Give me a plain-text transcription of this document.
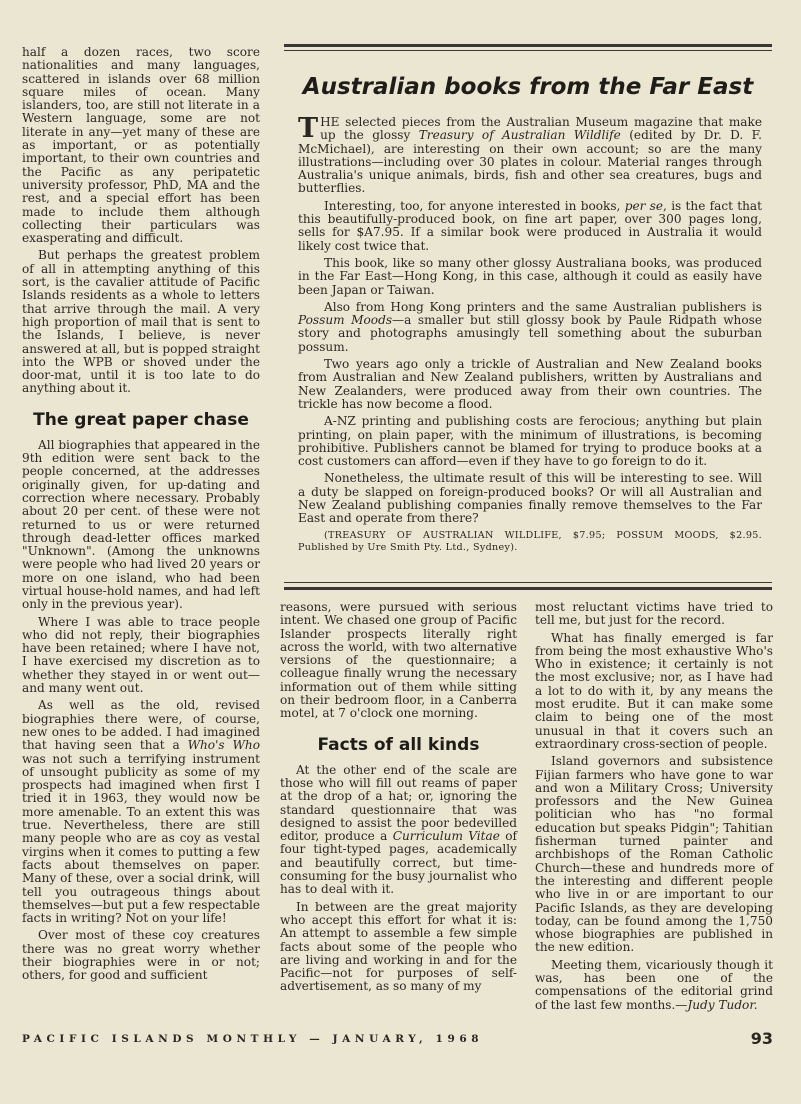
half a dozen races, two score nationalities and many languages, scattered in islands over 68 million square miles of ocean. Many islanders, too, are still not literate in a Western language, some are not literate in any—yet many of these are as important, or as potentially important, to their own countries and the Pacific as any peripatetic university professor, PhD, MA and the rest, and a special effort has been made to include them although collecting their particulars was exasperating and difficult.

But perhaps the greatest problem of all in attempting anything of this sort, is the cavalier attitude of Pacific Islands residents as a whole to letters that arrive through the mail. A very high proportion of mail that is sent to the Islands, I believe, is never answered at all, but is popped straight into the WPB or shoved under the door-mat, until it is too late to do anything about it.

The great paper chase

All biographies that appeared in the 9th edition were sent back to the people concerned, at the addresses originally given, for up-dating and correction where necessary. Probably about 20 per cent. of these were not returned to us or were returned through dead-letter offices marked "Unknown". (Among the unknowns were people who had lived 20 years or more on one island, who had been virtual house-hold names, and had left only in the previous year).

Where I was able to trace people who did not reply, their biographies have been retained; where I have not, I have exercised my discretion as to whether they stayed in or went out—and many went out.

As well as the old, revised biographies there were, of course, new ones to be added. I had imagined that having seen that a Who's Who was not such a terrifying instrument of unsought publicity as some of my prospects had imagined when first I tried it in 1963, they would now be more amenable. To an extent this was true. Nevertheless, there are still many people who are as coy as vestal virgins when it comes to putting a few facts about themselves on paper. Many of these, over a social drink, will tell you outrageous things about themselves—but put a few respectable facts in writing? Not on your life!

Over most of these coy creatures there was no great worry whether their biographies were in or not; others, for good and sufficient

Australian books from the Far East

THE selected pieces from the Australian Museum magazine that make up the glossy Treasury of Australian Wildlife (edited by Dr. D. F. McMichael), are interesting on their own account; so are the many illustrations—including over 30 plates in colour. Material ranges through Australia's unique animals, birds, fish and other sea creatures, bugs and butterflies.

Interesting, too, for anyone interested in books, per se, is the fact that this beautifully-produced book, on fine art paper, over 300 pages long, sells for $A7.95. If a similar book were produced in Australia it would likely cost twice that.

This book, like so many other glossy Australiana books, was produced in the Far East—Hong Kong, in this case, although it could as easily have been Japan or Taiwan.

Also from Hong Kong printers and the same Australian publishers is Possum Moods—a smaller but still glossy book by Paule Ridpath whose story and photographs amusingly tell something about the suburban possum.

Two years ago only a trickle of Australian and New Zealand books from Australian and New Zealand publishers, written by Australians and New Zealanders, were produced away from their own countries. The trickle has now become a flood.

A-NZ printing and publishing costs are ferocious; anything but plain printing, on plain paper, with the minimum of illustrations, is becoming prohibitive. Publishers cannot be blamed for trying to produce books at a cost customers can afford—even if they have to go foreign to do it.

Nonetheless, the ultimate result of this will be interesting to see. Will a duty be slapped on foreign-produced books? Or will all Australian and New Zealand publishing companies finally remove themselves to the Far East and operate from there?

(TREASURY OF AUSTRALIAN WILDLIFE, $7.95; POSSUM MOODS, $2.95. Published by Ure Smith Pty. Ltd., Sydney).

reasons, were pursued with serious intent. We chased one group of Pacific Islander prospects literally right across the world, with two alternative versions of the questionnaire; a colleague finally wrung the necessary information out of them while sitting on their bedroom floor, in a Canberra motel, at 7 o'clock one morning.

Facts of all kinds

At the other end of the scale are those who will fill out reams of paper at the drop of a hat; or, ignoring the standard questionnaire that was designed to assist the poor bedevilled editor, produce a Curriculum Vitae of four tight-typed pages, academically and beautifully correct, but time-consuming for the busy journalist who has to deal with it.

In between are the great majority who accept this effort for what it is: An attempt to assemble a few simple facts about some of the people who are living and working in and for the Pacific—not for purposes of self-advertisement, as so many of my

most reluctant victims have tried to tell me, but just for the record.

What has finally emerged is far from being the most exhaustive Who's Who in existence; it certainly is not the most exclusive; nor, as I have had a lot to do with it, by any means the most erudite. But it can make some claim to being one of the most unusual in that it covers such an extraordinary cross-section of people.

Island governors and subsistence Fijian farmers who have gone to war and won a Military Cross; University professors and the New Guinea politician who has "no formal education but speaks Pidgin"; Tahitian fisherman turned painter and archbishops of the Roman Catholic Church—these and hundreds more of the interesting and different people who live in or are important to our Pacific Islands, as they are developing today, can be found among the 1,750 whose biographies are published in the new edition.

Meeting them, vicariously though it was, has been one of the compensations of the editorial grind of the last few months.—Judy Tudor.

PACIFIC ISLANDS MONTHLY — JANUARY, 1968	93
